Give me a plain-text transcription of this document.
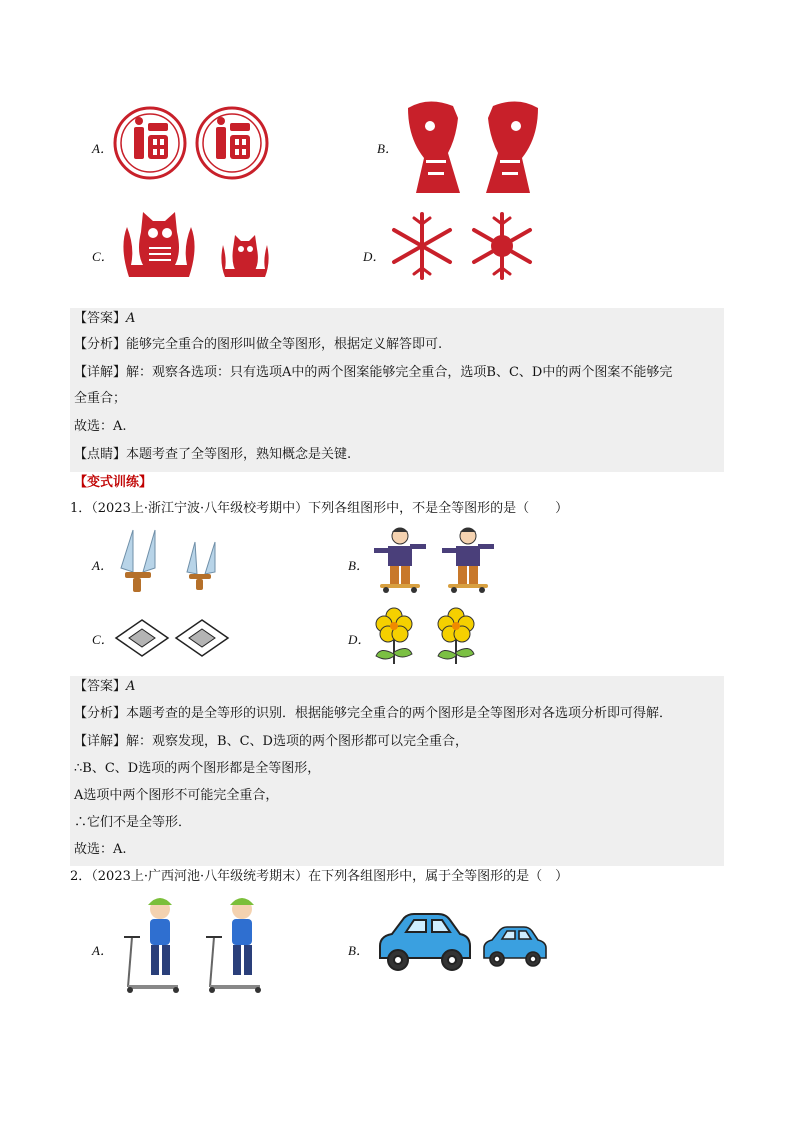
A．	B．
C．	D．
【答案】A
【分析】能够完全重合的图形叫做全等图形，根据定义解答即可.
【详解】解：观察各选项：只有选项A中的两个图案能够完全重合，选项B、C、D中的两个图案不能够完
全重合；
故选：A.
【点睛】本题考查了全等图形，熟知概念是关键.
【变式训练】
1．（2023上·浙江宁波·八年级校考期中）下列各组图形中，不是全等图形的是（　　）
A．	B．
C．	D．
【答案】A
【分析】本题考查的是全等形的识别．根据能够完全重合的两个图形是全等图形对各选项分析即可得解．
【详解】解：观察发现，B、C、D选项的两个图形都可以完全重合，
∴B、C、D选项的两个图形都是全等图形，
A选项中两个图形不可能完全重合，
∴它们不是全等形．
故选：A.
2．（2023上·广西河池·八年级统考期末）在下列各组图形中，属于全等图形的是（　）
A．	B．
